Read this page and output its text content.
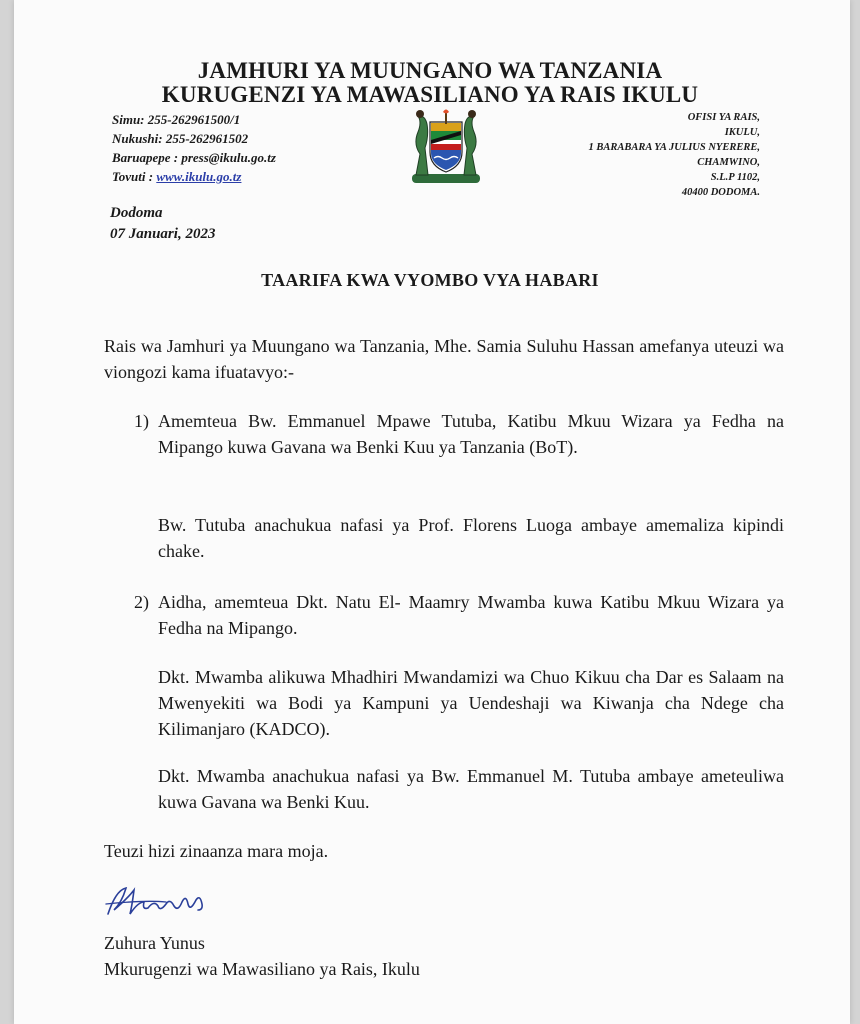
JAMHURI YA MUUNGANO WA TANZANIA
KURUGENZI YA MAWASILIANO YA RAIS IKULU
Simu: 255-262961500/1
Nukushi: 255-262961502
Baruapepe : press@ikulu.go.tz
Tovuti : www.ikulu.go.tz
OFISI YA RAIS,
IKULU,
1 BARABARA YA JULIUS NYERERE,
CHAMWINO,
S.L.P 1102,
40400 DODOMA.
Dodoma
07 Januari, 2023
TAARIFA KWA VYOMBO VYA HABARI
Rais wa Jamhuri ya Muungano wa Tanzania, Mhe. Samia Suluhu Hassan amefanya uteuzi wa viongozi kama ifuatavyo:-
1) Amemteua Bw. Emmanuel Mpawe Tutuba, Katibu Mkuu Wizara ya Fedha na Mipango kuwa Gavana wa Benki Kuu ya Tanzania (BoT).
Bw. Tutuba anachukua nafasi ya Prof. Florens Luoga ambaye amemaliza kipindi chake.
2) Aidha, amemteua Dkt. Natu El- Maamry Mwamba kuwa Katibu Mkuu Wizara ya Fedha na Mipango.
Dkt. Mwamba alikuwa Mhadhiri Mwandamizi wa Chuo Kikuu cha Dar es Salaam na Mwenyekiti wa Bodi ya Kampuni ya Uendeshaji wa Kiwanja cha Ndege cha Kilimanjaro (KADCO).
Dkt. Mwamba anachukua nafasi ya Bw. Emmanuel M. Tutuba ambaye ameteuliwa kuwa Gavana wa Benki Kuu.
Teuzi hizi zinaanza mara moja.
Zuhura Yunus
Mkurugenzi wa Mawasiliano ya Rais, Ikulu
